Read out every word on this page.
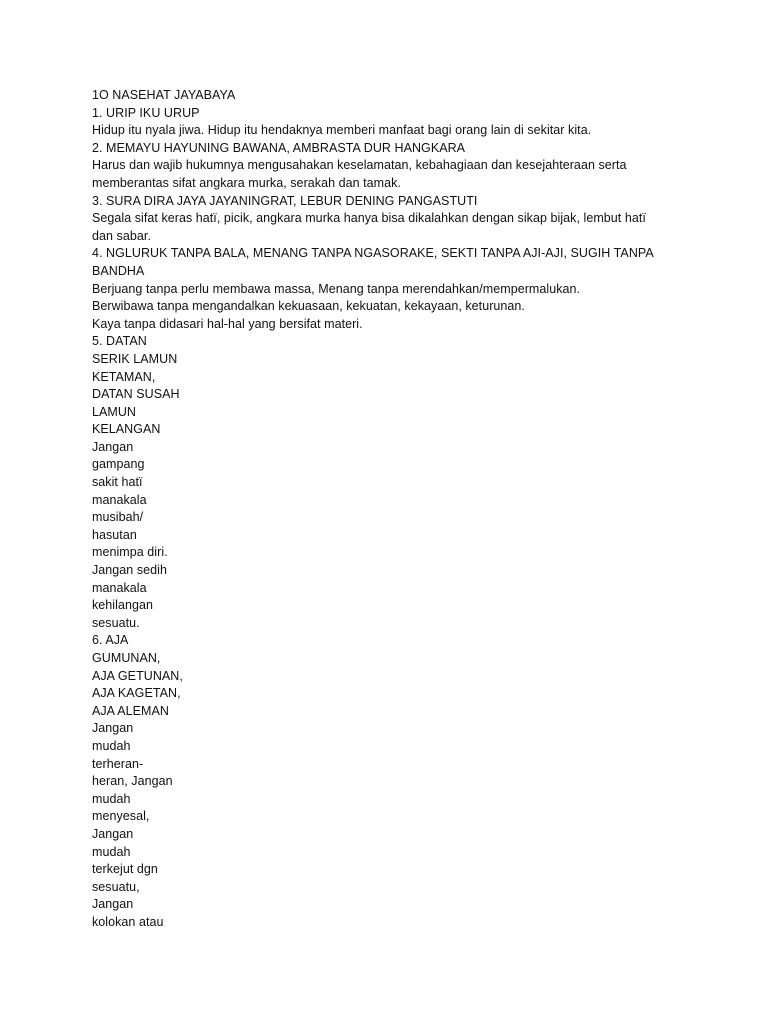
1O NASEHAT JAYABAYA
1. URIP IKU URUP
Hidup itu nyala jiwa. Hidup itu hendaknya memberi manfaat bagi orang lain di sekitar kita.
2. MEMAYU HAYUNING BAWANA, AMBRASTA DUR HANGKARA
Harus dan wajib hukumnya mengusahakan keselamatan, kebahagiaan dan kesejahteraan serta
memberantas sifat angkara murka, serakah dan tamak.
3. SURA DIRA JAYA JAYANINGRAT, LEBUR DENING PANGASTUTI
Segala sifat keras hatї, picik, angkara murka hanya bisa dikalahkan dengan sikap bijak, lembut hatї
dan sabar.
4. NGLURUK TANPA BALA, MENANG TANPA NGASORAKE, SEKTI TANPA AJI-AJI, SUGIH TANPA
BANDHA
Berjuang tanpa perlu membawa massa, Menang tanpa merendahkan/mempermalukan.
Berwibawa tanpa mengandalkan kekuasaan, kekuatan, kekayaan, keturunan.
Kaya tanpa didasari hal-hal yang bersifat materi.
5. DATAN
SERIK LAMUN
KETAMAN,
DATAN SUSAH
LAMUN
KELANGAN
Jangan
gampang
sakit hatї
manakala
musibah/
hasutan
menimpa diri.
Jangan sedih
manakala
kehilangan
sesuatu.
6. AJA
GUMUNAN,
AJA GETUNAN,
AJA KAGETAN,
AJA ALEMAN
Jangan
mudah
terheran-
heran, Jangan
mudah
menyesal,
Jangan
mudah
terkejut dgn
sesuatu,
Jangan
kolokan atau
